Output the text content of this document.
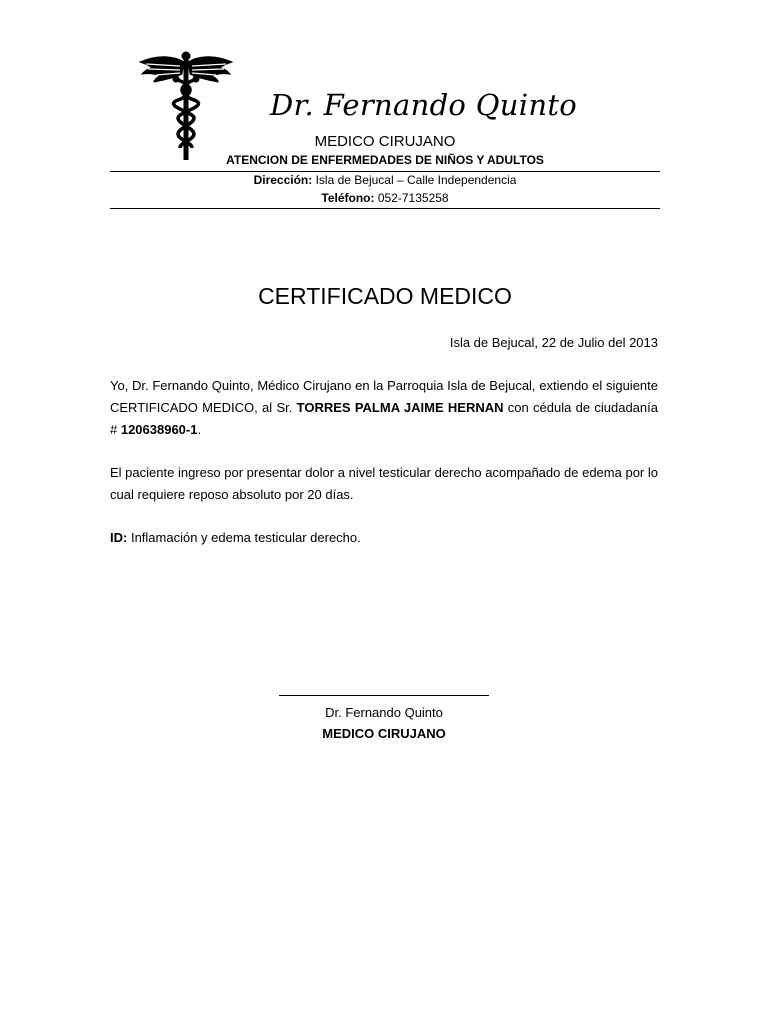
Dr. Fernando Quinto
MEDICO CIRUJANO
ATENCION DE ENFERMEDADES DE NIÑOS Y ADULTOS
Dirección: Isla de Bejucal – Calle Independencia
Teléfono: 052-7135258
CERTIFICADO MEDICO
Isla de Bejucal, 22 de Julio del 2013

Yo, Dr. Fernando Quinto, Médico Cirujano en la Parroquia Isla de Bejucal, extiendo el siguiente CERTIFICADO MEDICO, al Sr. TORRES PALMA JAIME HERNAN con cédula de ciudadanía # 120638960-1.

El paciente ingreso por presentar dolor a nivel testicular derecho acompañado de edema por lo cual requiere reposo absoluto por 20 días.

ID: Inflamación y edema testicular derecho.

Dr. Fernando Quinto
MEDICO CIRUJANO
